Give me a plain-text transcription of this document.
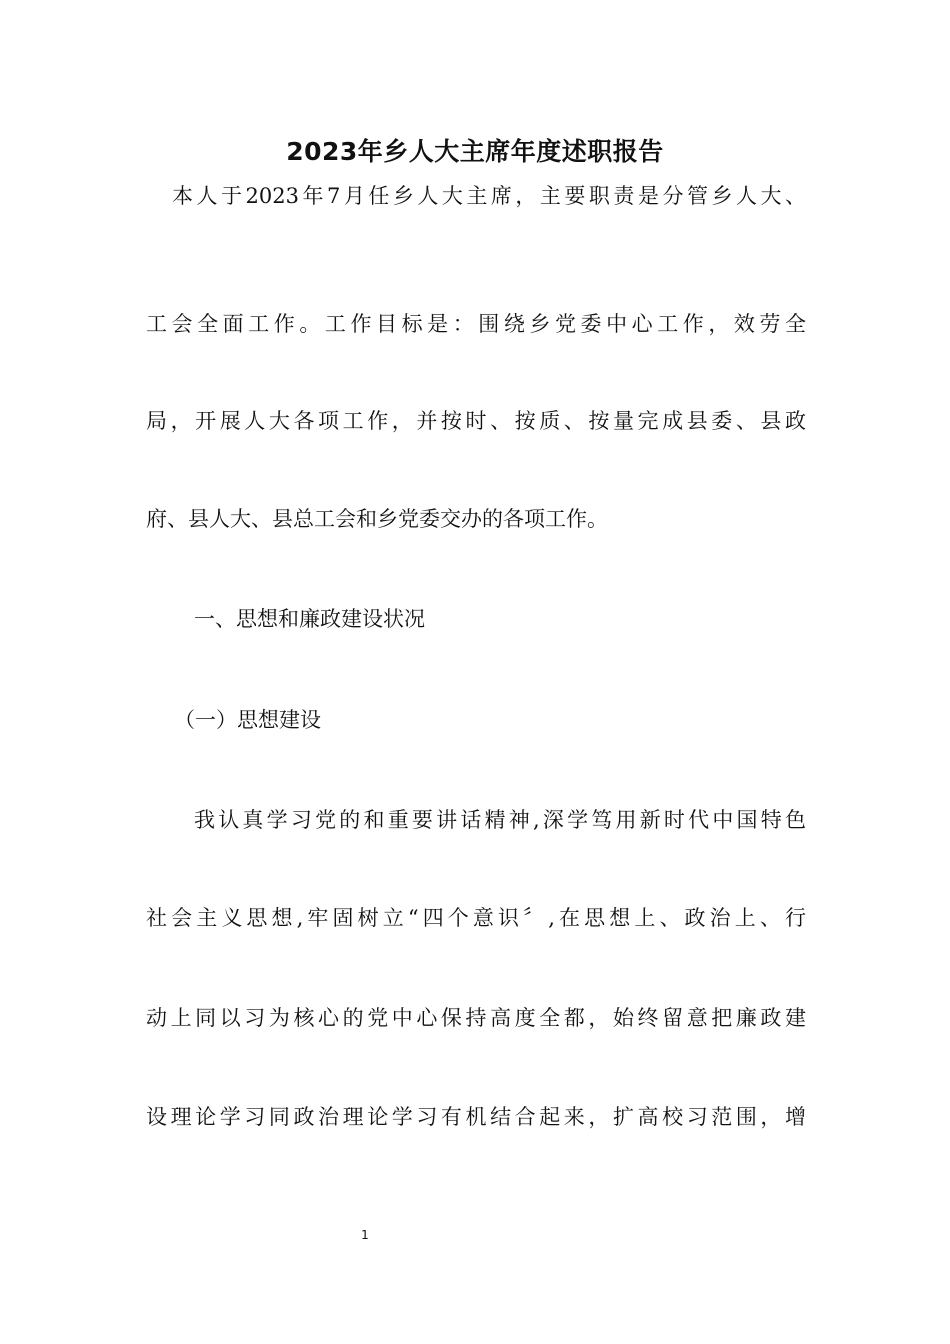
2023年乡人大主席年度述职报告

本人于2023年7月任乡人大主席，主要职责是分管乡人大、

工会全面工作。工作目标是：围绕乡党委中心工作，效劳全

局，开展人大各项工作，并按时、按质、按量完成县委、县政

府、县人大、县总工会和乡党委交办的各项工作。

一、思想和廉政建设状况

（一）思想建设

我认真学习党的和重要讲话精神,深学笃用新时代中国特色

社会主义思想,牢固树立“四个意识〞,在思想上、政治上、行

动上同以习为核心的党中心保持高度全都，始终留意把廉政建

设理论学习同政治理论学习有机结合起来，扩高校习范围，增

1
